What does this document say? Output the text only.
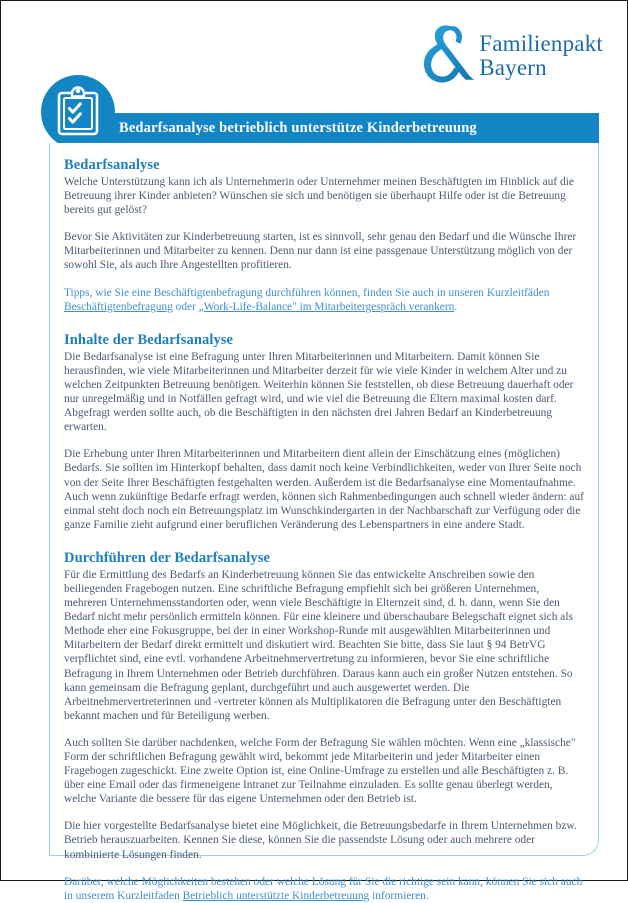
Familienpakt
Bayern
Bedarfsanalyse betrieblich unterstütze Kinderbetreuung
Bedarfsanalyse

Welche Unterstützung kann ich als Unternehmerin oder Unternehmer meinen Beschäftigten im Hinblick auf die Betreuung ihrer Kinder anbieten? Wünschen sie sich und benötigen sie überhaupt Hilfe oder ist die Betreuung bereits gut gelöst?

Bevor Sie Aktivitäten zur Kinderbetreuung starten, ist es sinnvoll, sehr genau den Bedarf und die Wünsche Ihrer Mitarbeiterinnen und Mitarbeiter zu kennen. Denn nur dann ist eine passgenaue Unterstützung möglich von der sowohl Sie, als auch Ihre Angestellten profitieren.

Tipps, wie Sie eine Beschäftigtenbefragung durchführen können, finden Sie auch in unseren Kurzleitfäden Beschäftigtenbefragung oder „Work-Life-Balance" im Mitarbeitergespräch verankern.

Inhalte der Bedarfsanalyse

Die Bedarfsanalyse ist eine Befragung unter Ihren Mitarbeiterinnen und Mitarbeitern. Damit können Sie herausfinden, wie viele Mitarbeiterinnen und Mitarbeiter derzeit für wie viele Kinder in welchem Alter und zu welchen Zeitpunkten Betreuung benötigen. Weiterhin können Sie feststellen, ob diese Betreuung dauerhaft oder nur unregelmäßig und in Notfällen gefragt wird, und wie viel die Betreuung die Eltern maximal kosten darf. Abgefragt werden sollte auch, ob die Beschäftigten in den nächsten drei Jahren Bedarf an Kinderbetreuung erwarten.

Die Erhebung unter Ihren Mitarbeiterinnen und Mitarbeitern dient allein der Einschätzung eines (möglichen) Bedarfs. Sie sollten im Hinterkopf behalten, dass damit noch keine Verbindlichkeiten, weder von Ihrer Seite noch von der Seite Ihrer Beschäftigten festgehalten werden. Außerdem ist die Bedarfsanalyse eine Momentaufnahme. Auch wenn zukünftige Bedarfe erfragt werden, können sich Rahmenbedingungen auch schnell wieder ändern: auf einmal steht doch noch ein Betreuungsplatz im Wunschkindergarten in der Nachbarschaft zur Verfügung oder die ganze Familie zieht aufgrund einer beruflichen Veränderung des Lebenspartners in eine andere Stadt.

Durchführen der Bedarfsanalyse

Für die Ermittlung des Bedarfs an Kinderbetreuung können Sie das entwickelte Anschreiben sowie den beiliegenden Fragebogen nutzen. Eine schriftliche Befragung empfiehlt sich bei größeren Unternehmen, mehreren Unternehmensstandorten oder, wenn viele Beschäftigte in Elternzeit sind, d. h. dann, wenn Sie den Bedarf nicht mehr persönlich ermitteln können. Für eine kleinere und überschaubare Belegschaft eignet sich als Methode eher eine Fokusgruppe, bei der in einer Workshop-Runde mit ausgewählten Mitarbeiterinnen und Mitarbeitern der Bedarf direkt ermittelt und diskutiert wird. Beachten Sie bitte, dass Sie laut § 94 BetrVG verpflichtet sind, eine evtl. vorhandene Arbeitnehmervertretung zu informieren, bevor Sie eine schriftliche Befragung in Ihrem Unternehmen oder Betrieb durchführen. Daraus kann auch ein großer Nutzen entstehen. So kann gemeinsam die Befragung geplant, durchgeführt und auch ausgewertet werden. Die Arbeitnehmervertreterinnen und -vertreter können als Multiplikatoren die Befragung unter den Beschäftigten bekannt machen und für Beteiligung werben.

Auch sollten Sie darüber nachdenken, welche Form der Befragung Sie wählen möchten. Wenn eine „klassische" Form der schriftlichen Befragung gewählt wird, bekommt jede Mitarbeiterin und jeder Mitarbeiter einen Fragebogen zugeschickt. Eine zweite Option ist, eine Online-Umfrage zu erstellen und alle Beschäftigten z. B. über eine Email oder das firmeneigene Intranet zur Teilnahme einzuladen. Es sollte genau überlegt werden, welche Variante die bessere für das eigene Unternehmen oder den Betrieb ist.

Die hier vorgestellte Bedarfsanalyse bietet eine Möglichkeit, die Betreuungsbedarfe in Ihrem Unternehmen bzw. Betrieb herauszuarbeiten. Kennen Sie diese, können Sie die passendste Lösung oder auch mehrere oder kombinierte Lösungen finden.

Darüber, welche Möglichkeiten bestehen oder welche Lösung für Sie die richtige sein kann, können Sie sich auch in unserem Kurzleitfaden Betrieblich unterstützte Kinderbetreuung informieren.
